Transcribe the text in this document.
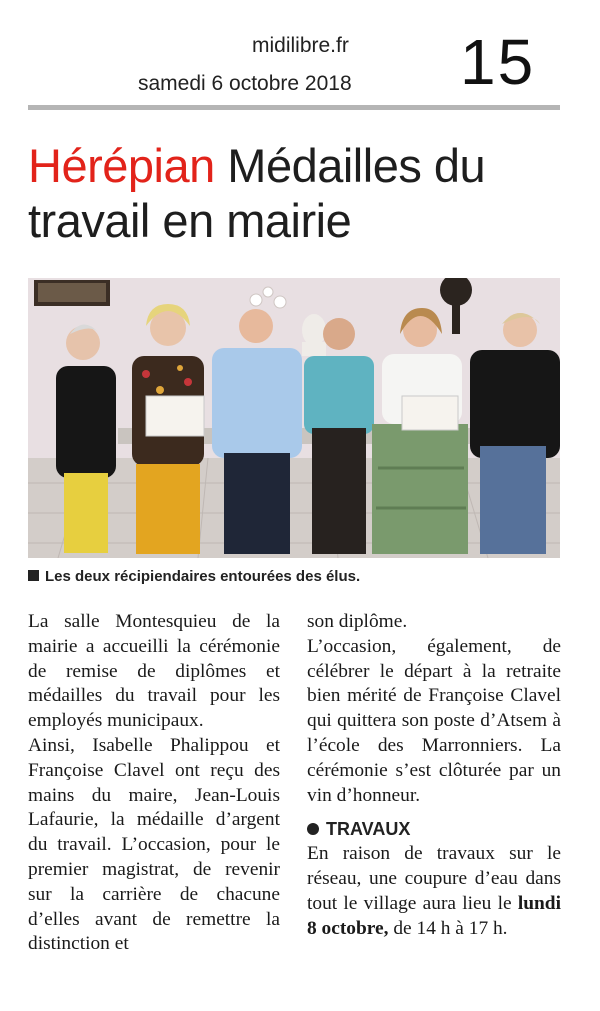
midilibre.fr
samedi 6 octobre 2018 15
Hérépian Médailles du travail en mairie
Les deux récipiendaires entourées des élus.

La salle Montesquieu de la mairie a accueilli la cérémonie de remise de diplômes et médailles du travail pour les employés municipaux.

Ainsi, Isabelle Phalippou et Françoise Clavel ont reçu des mains du maire, Jean-Louis Lafaurie, la médaille d’argent du travail. L’occasion, pour le premier magistrat, de revenir sur la carrière de chacune d’elles avant de remettre la distinction et

son diplôme.

L’occasion, également, de célébrer le départ à la retraite bien mérité de Françoise Clavel qui quittera son poste d’Atsem à l’école des Marronniers. La cérémonie s’est clôturée par un vin d’honneur.

TRAVAUX

En raison de travaux sur le réseau, une coupure d’eau dans tout le village aura lieu le lundi 8 octobre, de 14 h à 17 h.
